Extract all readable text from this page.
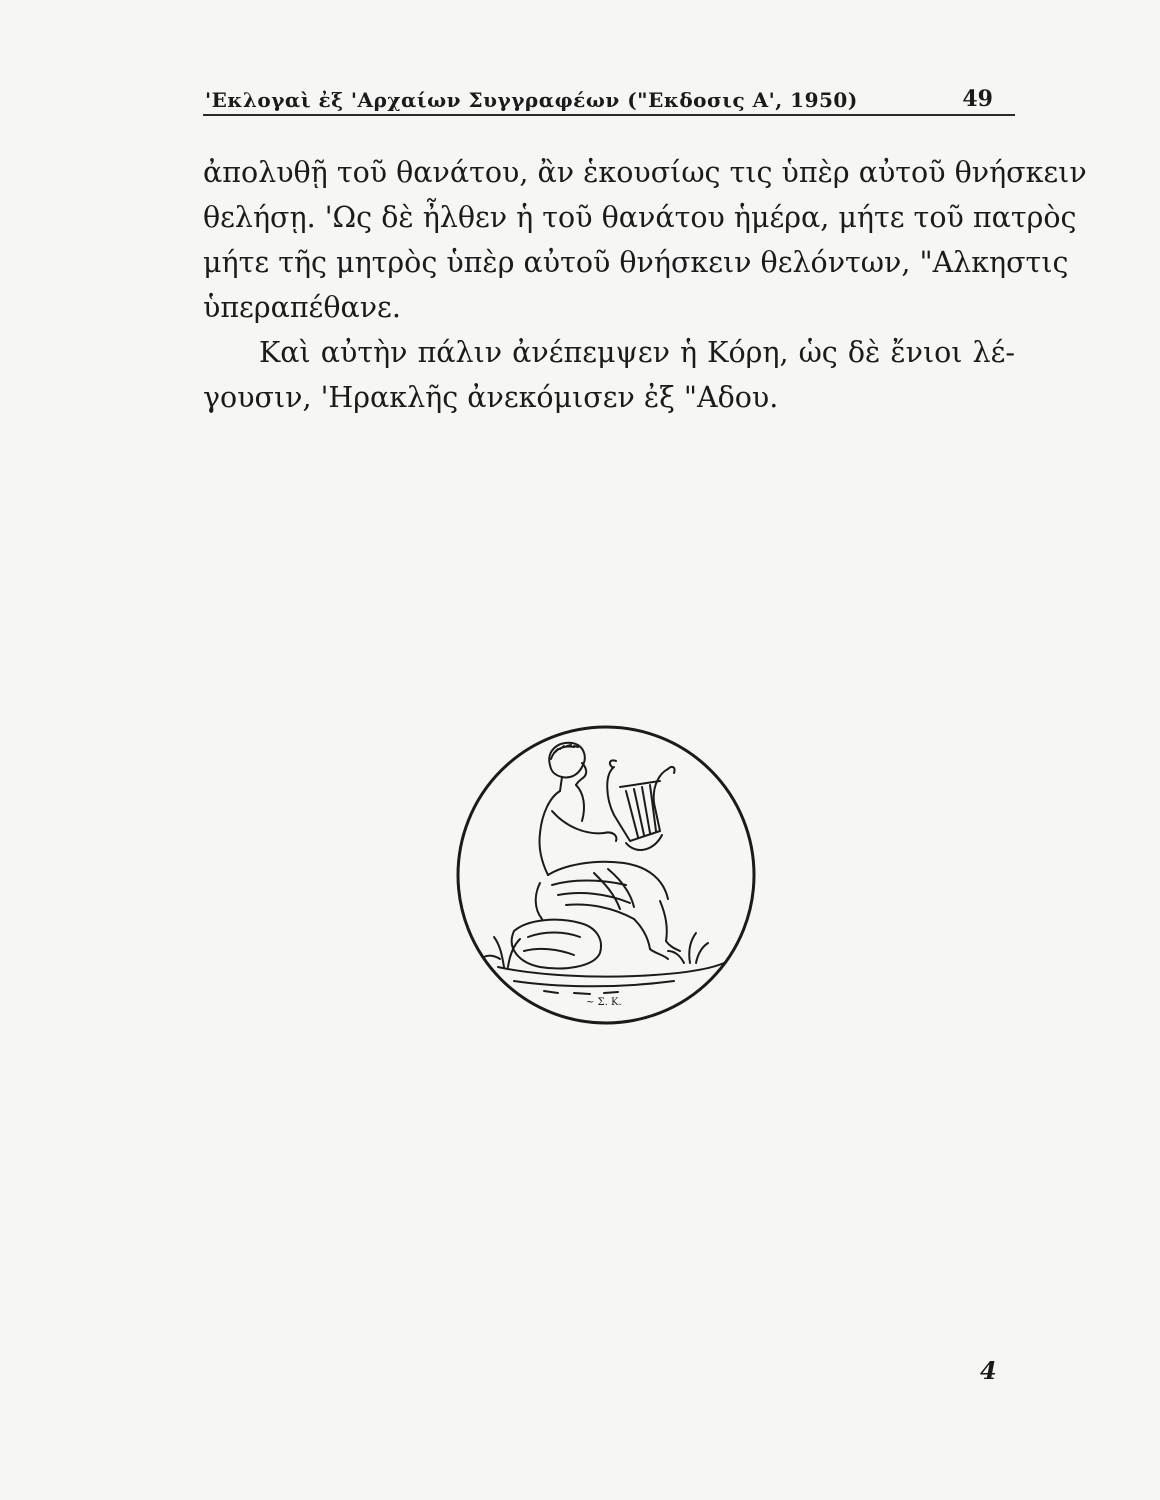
'Εκλογαὶ ἐξ 'Αρχαίων Συγγραφέων ("Εκδοσις Α', 1950)	49
ἀπολυθῇ τοῦ θανάτου, ἂν ἑκουσίως τις ὑπὲρ αὐτοῦ θνήσκειν
θελήσῃ. 'Ως δὲ ἦλθεν ἡ τοῦ θανάτου ἡμέρα, μήτε τοῦ πατρὸς
μήτε τῆς μητρὸς ὑπὲρ αὐτοῦ θνήσκειν θελόντων, "Αλκηστις
ὑπεραπέθανε.
Καὶ αὐτὴν πάλιν ἀνέπεμψεν ἡ Κόρη, ὡς δὲ ἔνιοι λέ-
γουσιν, 'Ηρακλῆς ἀνεκόμισεν ἐξ "Αδου.
~ Σ. K.
4
